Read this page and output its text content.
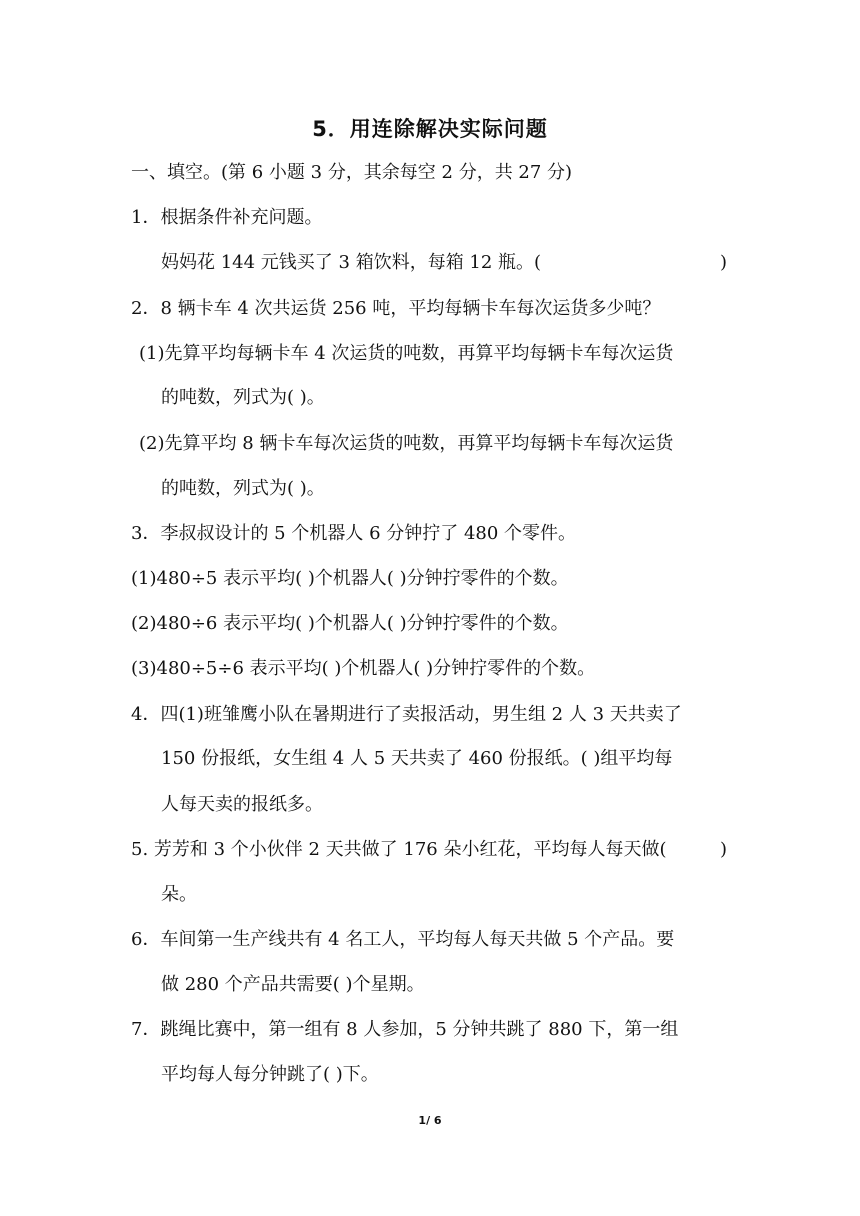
5．用连除解决实际问题
一、填空。(第 6 小题 3 分，其余每空 2 分，共 27 分)
1．根据条件补充问题。
妈妈花 144 元钱买了 3 箱饮料，每箱 12 瓶。(	)
2．8 辆卡车 4 次共运货 256 吨，平均每辆卡车每次运货多少吨？
(1)先算平均每辆卡车 4 次运货的吨数，再算平均每辆卡车每次运货
的吨数，列式为( )。
(2)先算平均 8 辆卡车每次运货的吨数，再算平均每辆卡车每次运货
的吨数，列式为( )。
3．李叔叔设计的 5 个机器人 6 分钟拧了 480 个零件。
(1)480÷5 表示平均( )个机器人( )分钟拧零件的个数。
(2)480÷6 表示平均( )个机器人( )分钟拧零件的个数。
(3)480÷5÷6 表示平均( )个机器人( )分钟拧零件的个数。
4．四(1)班雏鹰小队在暑期进行了卖报活动，男生组 2 人 3 天共卖了
150 份报纸，女生组 4 人 5 天共卖了 460 份报纸。( )组平均每
人每天卖的报纸多。
5. 芳芳和 3 个小伙伴 2 天共做了 176 朵小红花，平均每人每天做(	)
朵。
6．车间第一生产线共有 4 名工人，平均每人每天共做 5 个产品。要
做 280 个产品共需要( )个星期。
7．跳绳比赛中，第一组有 8 人参加，5 分钟共跳了 880 下，第一组
平均每人每分钟跳了( )下。
1/ 6
